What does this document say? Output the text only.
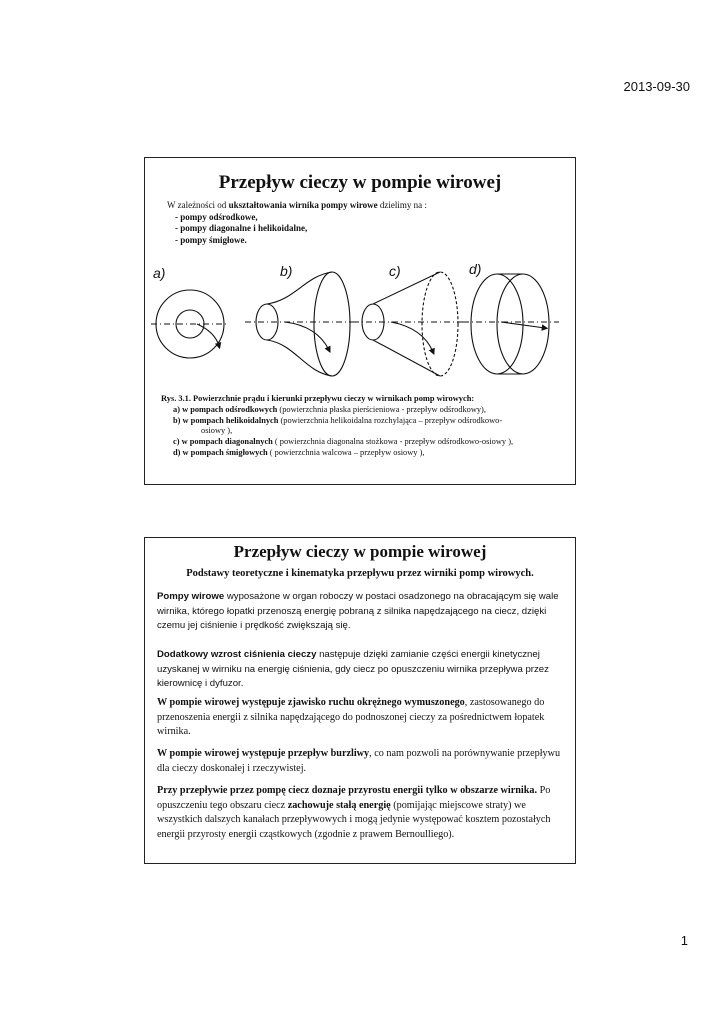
2013-09-30
Przepływ cieczy w pompie wirowej
W zależności od ukształtowania wirnika pompy wirowe dzielimy na :
- pompy odśrodkowe,
- pompy diagonalne i helikoidalne,
- pompy śmigłowe.
a)	b)	c)	d)
Rys. 3.1. Powierzchnie prądu i kierunki przepływu cieczy w wirnikach pomp wirowych:
a) w pompach odśrodkowych (powierzchnia płaska pierścieniowa - przepływ odśrodkowy),
b) w pompach helikoidalnych (powierzchnia helikoidalna rozchylająca – przepływ odśrodkowo-
osiowy ),
c) w pompach diagonalnych ( powierzchnia diagonalna stożkowa - przepływ odśrodkowo-osiowy ),
d) w pompach śmigłowych ( powierzchnia walcowa – przepływ osiowy ),
Przepływ cieczy w pompie wirowej
Podstawy teoretyczne i kinematyka przepływu przez wirniki pomp wirowych.
Pompy wirowe wyposażone w organ roboczy w postaci osadzonego na obracającym się wale wirnika, którego łopatki przenoszą energię pobraną z silnika napędzającego na ciecz, dzięki czemu jej ciśnienie i prędkość zwiększają się.
Dodatkowy wzrost ciśnienia cieczy następuje dzięki zamianie części energii kinetycznej uzyskanej w wirniku na energię ciśnienia, gdy ciecz po opuszczeniu wirnika przepływa przez kierownicę i dyfuzor.
W pompie wirowej występuje zjawisko ruchu okrężnego wymuszonego, zastosowanego do przenoszenia energii z silnika napędzającego do podnoszonej cieczy za pośrednictwem łopatek wirnika.
W pompie wirowej występuje przepływ burzliwy, co nam pozwoli na porównywanie przepływu dla cieczy doskonałej i rzeczywistej.
Przy przepływie przez pompę ciecz doznaje przyrostu energii tylko w obszarze wirnika. Po opuszczeniu tego obszaru ciecz zachowuje stałą energię (pomijając miejscowe straty) we wszystkich dalszych kanałach przepływowych i mogą jedynie występować kosztem pozostałych energii przyrosty energii cząstkowych (zgodnie z prawem Bernoulliego).
1
